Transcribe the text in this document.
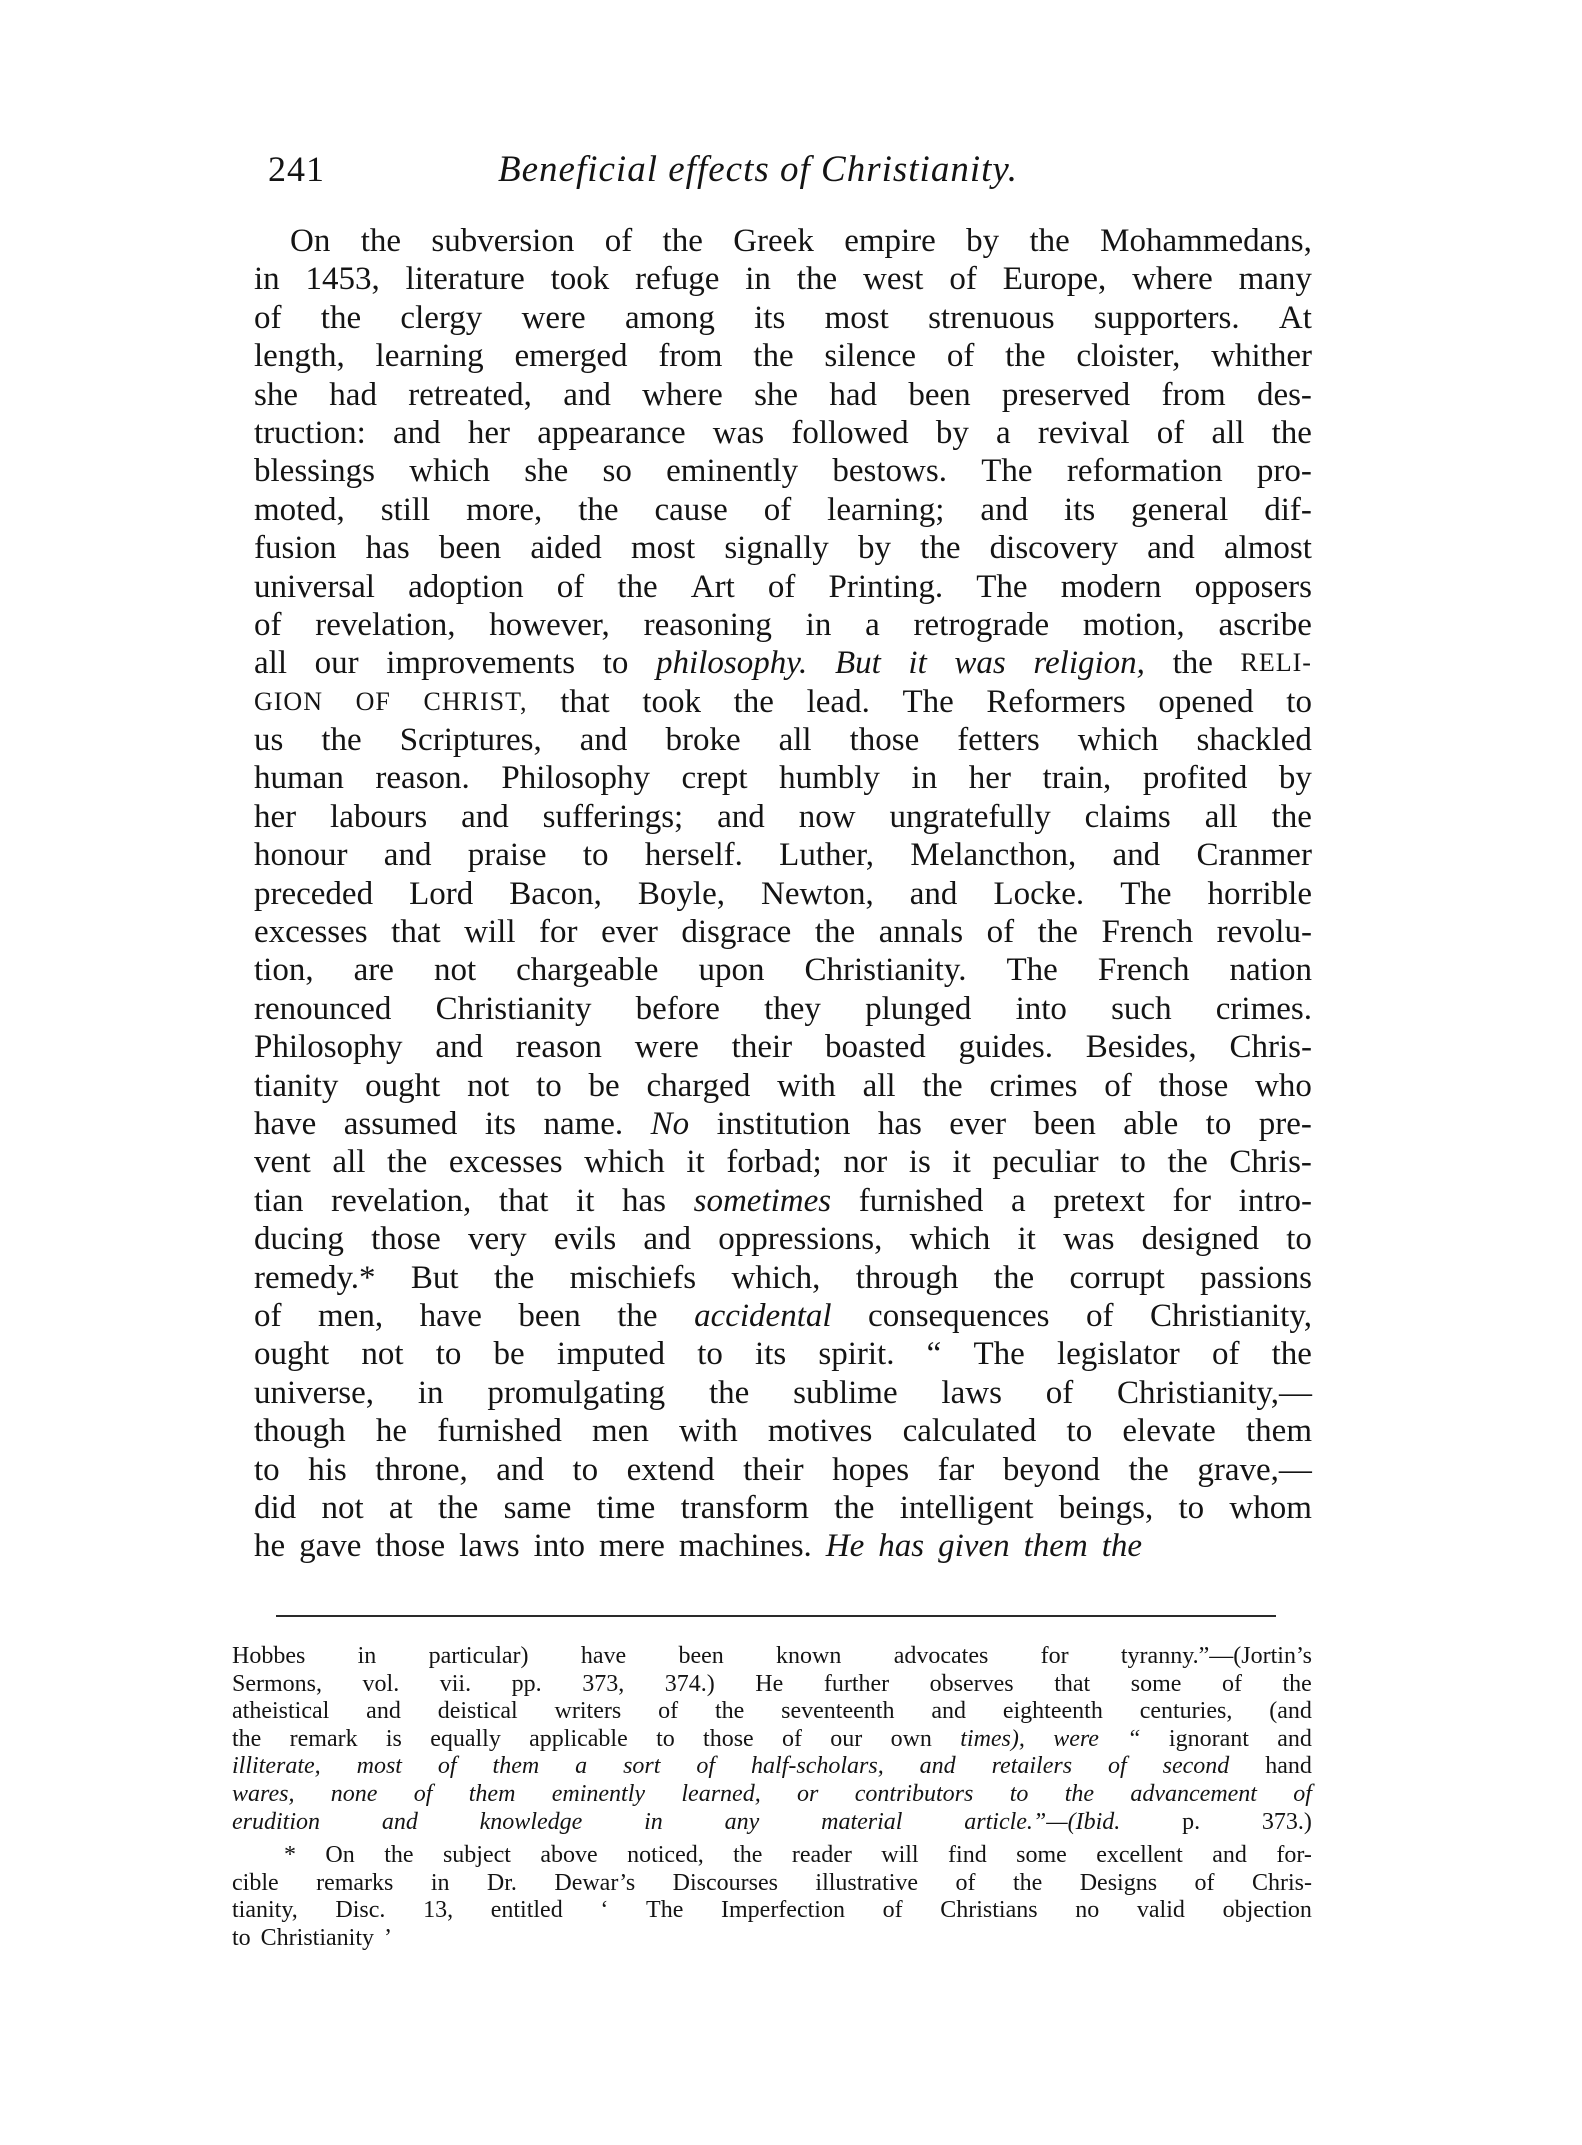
241	Beneficial effects of Christianity.
On the subversion of the Greek empire by the Mohammedans,
in 1453, literature took refuge in the west of Europe, where many
of the clergy were among its most strenuous supporters. At
length, learning emerged from the silence of the cloister, whither
she had retreated, and where she had been preserved from des-
truction: and her appearance was followed by a revival of all the
blessings which she so eminently bestows. The reformation pro-
moted, still more, the cause of learning; and its general dif-
fusion has been aided most signally by the discovery and almost
universal adoption of the Art of Printing. The modern opposers
of revelation, however, reasoning in a retrograde motion, ascribe
all our improvements to philosophy. But it was religion, the RELI-
GION OF CHRIST, that took the lead. The Reformers opened to
us the Scriptures, and broke all those fetters which shackled
human reason. Philosophy crept humbly in her train, profited by
her labours and sufferings; and now ungratefully claims all the
honour and praise to herself. Luther, Melancthon, and Cranmer
preceded Lord Bacon, Boyle, Newton, and Locke. The horrible
excesses that will for ever disgrace the annals of the French revolu-
tion, are not chargeable upon Christianity. The French nation
renounced Christianity before they plunged into such crimes.
Philosophy and reason were their boasted guides. Besides, Chris-
tianity ought not to be charged with all the crimes of those who
have assumed its name. No institution has ever been able to pre-
vent all the excesses which it forbad; nor is it peculiar to the Chris-
tian revelation, that it has sometimes furnished a pretext for intro-
ducing those very evils and oppressions, which it was designed to
remedy.* But the mischiefs which, through the corrupt passions
of men, have been the accidental consequences of Christianity,
ought not to be imputed to its spirit. “ The legislator of the
universe, in promulgating the sublime laws of Christianity,—
though he furnished men with motives calculated to elevate them
to his throne, and to extend their hopes far beyond the grave,—
did not at the same time transform the intelligent beings, to whom
he gave those laws into mere machines. He has given them the
Hobbes in particular) have been known advocates for tyranny.”—(Jortin’s
Sermons, vol. vii. pp. 373, 374.) He further observes that some of the
atheistical and deistical writers of the seventeenth and eighteenth centuries, (and
the remark is equally applicable to those of our own times), were “ ignorant and
illiterate, most of them a sort of half-scholars, and retailers of second hand
wares, none of them eminently learned, or contributors to the advancement of
erudition	and	knowledge	in	any	material	article.”—(Ibid.	p.	373.)
* On the subject above noticed, the reader will find some excellent and for-
cible remarks in Dr. Dewar’s Discourses illustrative of the Designs of Chris-
tianity, Disc. 13, entitled ‘ The Imperfection of Christians no valid objection
to Christianity ’
